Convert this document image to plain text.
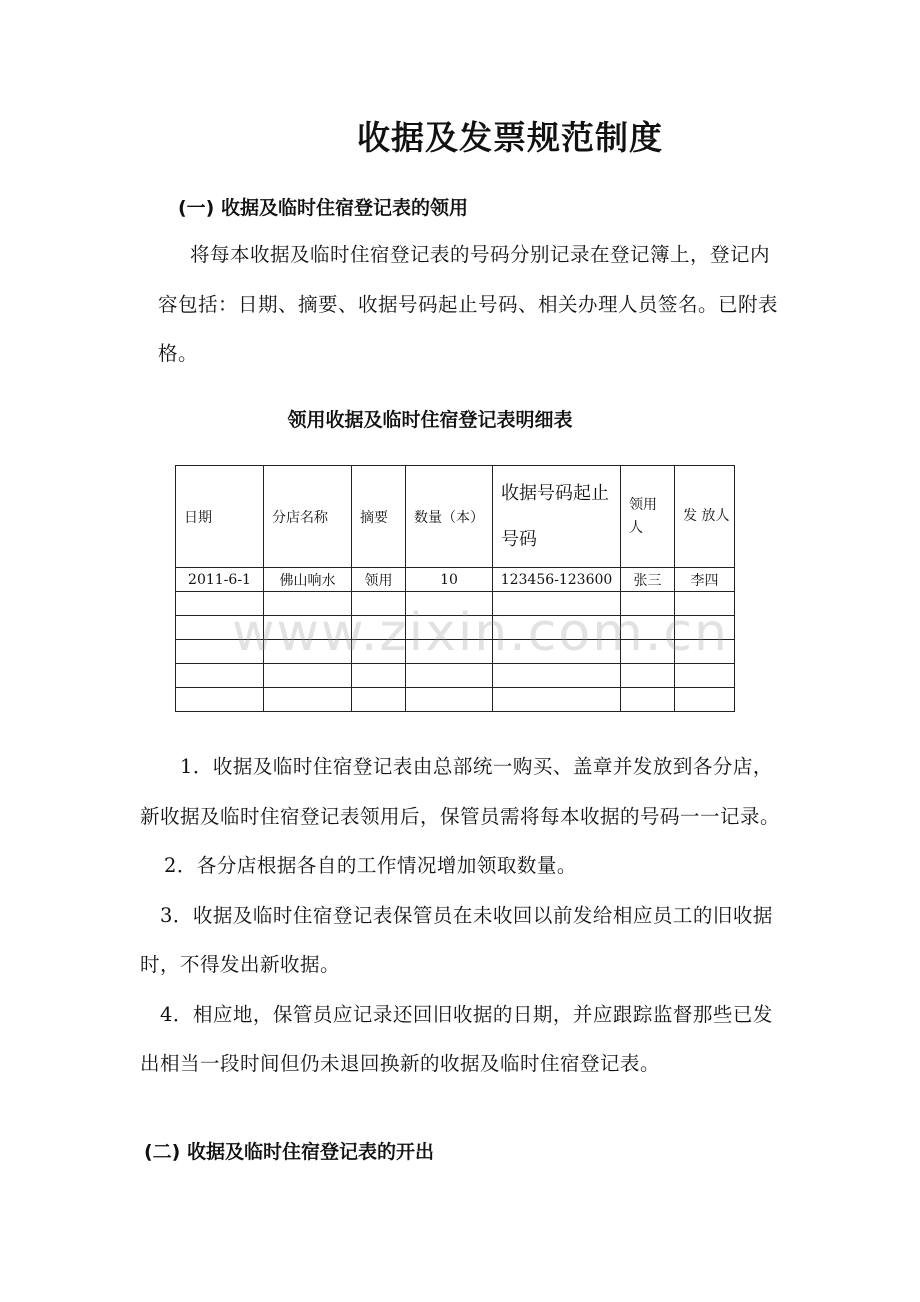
收据及发票规范制度
(一) 收据及临时住宿登记表的领用
将每本收据及临时住宿登记表的号码分别记录在登记簿上，登记内容包括：日期、摘要、收据号码起止号码、相关办理人员签名。已附表格。
领用收据及临时住宿登记表明细表
日期	分店名称	摘要	数量（本）	收据号码起止号码	领用人	发 放人
2011-6-1	佛山响水	领用	10	123456-123600	张三	李四

www.zixin.com.cn
1．收据及临时住宿登记表由总部统一购买、盖章并发放到各分店，新收据及临时住宿登记表领用后，保管员需将每本收据的号码一一记录。
2．各分店根据各自的工作情况增加领取数量。
3．收据及临时住宿登记表保管员在未收回以前发给相应员工的旧收据时，不得发出新收据。
4．相应地，保管员应记录还回旧收据的日期，并应跟踪监督那些已发出相当一段时间但仍未退回换新的收据及临时住宿登记表。
(二) 收据及临时住宿登记表的开出
